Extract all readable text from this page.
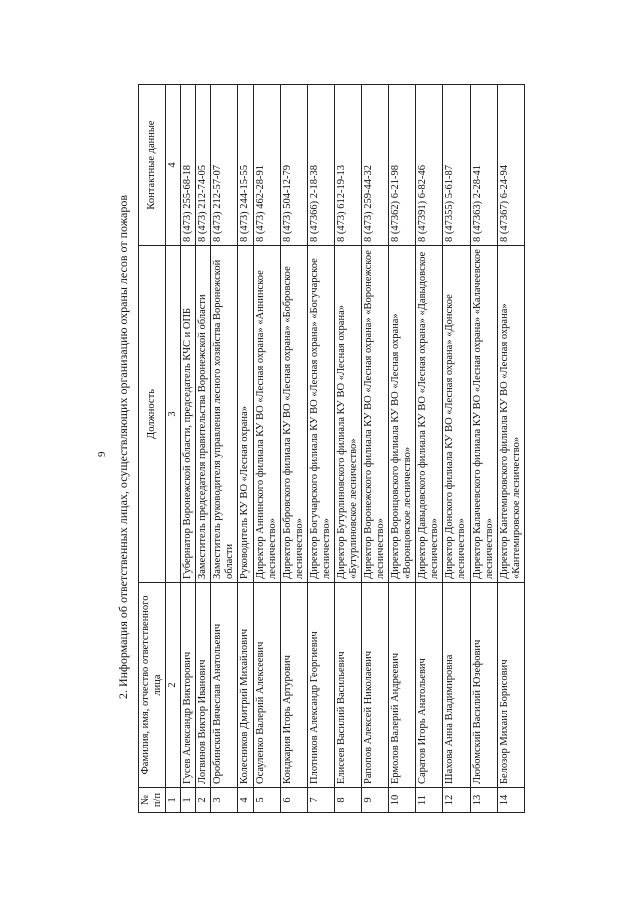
9 2. Информация об ответственных лицах, осуществляющих организацию охраны лесов от пожаров
№ п/п	Фамилия, имя, отчество ответственного лица	Должность	Контактные данные
1	2	3	4
1	Гусев Александр Викторович	Губернатор Воронежской области, председатель КЧС и ОПБ	8 (473) 255-68-18
2	Логвинов Виктор Иванович	Заместитель председателя правительства Воронежской области	8 (473) 212-74-05
3	Оробинский Вячеслав Анатольевич	Заместитель руководителя управления лесного хозяйства Воронежской области	8 (473) 212-57-07
4	Колесников Дмитрий Михайлович	Руководитель КУ ВО «Лесная охрана»	8 (473) 244-15-55
5	Осауленко Валерий Алексеевич	Директор Аннинского филиала КУ ВО «Лесная охрана» «Аннинское лесничество»	8 (473) 462-28-91
6	Кондкария Игорь Артурович	Директор Бобровского филиала КУ ВО «Лесная охрана» «Бобровское лесничество»	8 (473) 504-12-79
7	Плотников Александр Георгиевич	Директор Богучарского филиала КУ ВО «Лесная охрана» «Богучарское лесничество»	8 (47366) 2-18-38
8	Елисеев Василий Васильевич	Директор Бутурлиновского филиала КУ ВО «Лесная охрана» «Бутурлиновское лесничество»	8 (473) 612-19-13
9	Рапопов Алексей Николаевич	Директор Воронежского филиала КУ ВО «Лесная охрана» «Воронежское лесничество»	8 (473) 259-44-32
10	Ермолов Валерий Андреевич	Директор Воронцовского филиала КУ ВО «Лесная охрана» «Воронцовское лесничество»	8 (47362) 6-21-98
11	Саратов Игорь Анатольевич	Директор Давыдовского филиала КУ ВО «Лесная охрана» «Давыдовское лесничество»	8 (47391) 6-82-46
12	Шахова Анна Владимировна	Директор Донского филиала КУ ВО «Лесная охрана» «Донское лесничество»	8 (47355) 5-61-87
13	Любомский Василий Юзефович	Директор Калачеевского филиала КУ ВО «Лесная охрана» «Калачеевское лесничество»	8 (47363) 2-28-41
14	Белозор Михаил Борисович	Директор Кантемировского филиала КУ ВО «Лесная охрана» «Кантемировское лесничество»	8 (47367) 6-24-94
